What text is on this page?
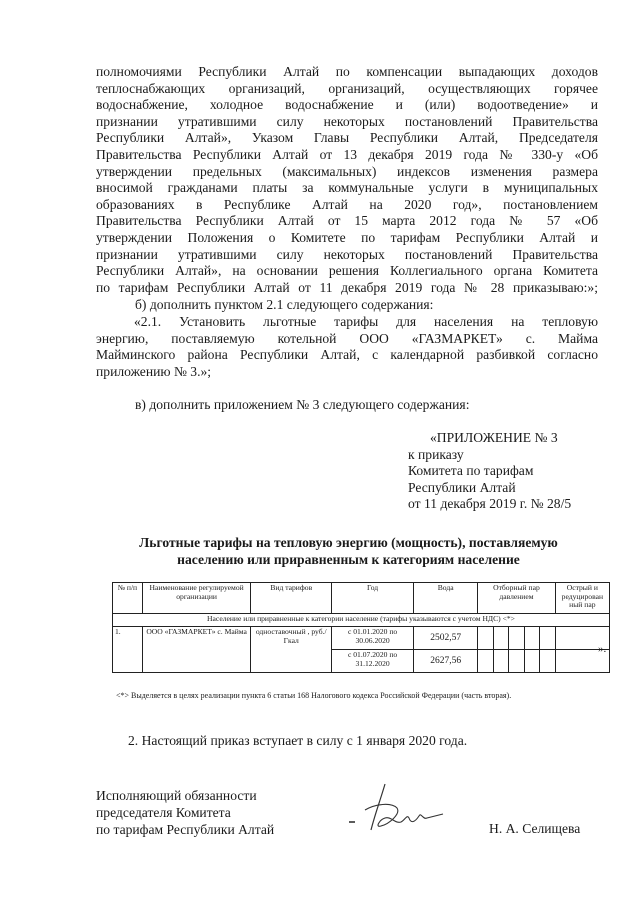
полномочиями Республики Алтай по компенсации выпадающих доходов
теплоснабжающих организаций, организаций, осуществляющих горячее
водоснабжение, холодное водоснабжение и (или) водоотведение» и
признании утратившими силу некоторых постановлений Правительства
Республики Алтай», Указом Главы Республики Алтай, Председателя
Правительства Республики Алтай от 13 декабря 2019 года № 330-у «Об
утверждении предельных (максимальных) индексов изменения размера
вносимой гражданами платы за коммунальные услуги в муниципальных
образованиях в Республике Алтай на 2020 год», постановлением
Правительства Республики Алтай от 15 марта 2012 года № 57 «Об
утверждении Положения о Комитете по тарифам Республики Алтай и
признании утратившими силу некоторых постановлений Правительства
Республики Алтай», на основании решения Коллегиального органа Комитета
по тарифам Республики Алтай от 11 декабря 2019 года № 28 приказываю:»;
б) дополнить пунктом 2.1 следующего содержания:
«2.1. Установить льготные тарифы для населения на тепловую
энергию, поставляемую котельной ООО «ГАЗМАРКЕТ» с. Майма
Майминского района Республики Алтай, с календарной разбивкой согласно
приложению № 3.»;
в) дополнить приложением № 3 следующего содержания:
«ПРИЛОЖЕНИЕ № 3
к приказу
Комитета по тарифам
Республики Алтай
от 11 декабря 2019 г. № 28/5
Льготные тарифы на тепловую энергию (мощность), поставляемую
населению или приравненным к категориям население
№ п/п	Наименование регулируемой организации	Вид тарифов	Год	Вода	Отборный пар давлением					Острый и редуцирован ный пар
Население или приравненные к категории население (тарифы указываются с учетом НДС) <*>										
1.	ООО «ГАЗМАРКЕТ» с. Майма	одноставочный , руб./Гкал	с 01.01.2020 по 30.06.2020	2502,57						
			с 01.07.2020 по 31.12.2020	2627,56						
».
<*> Выделяется в целях реализации пункта 6 статьи 168 Налогового кодекса Российской Федерации (часть вторая).
2. Настоящий приказ вступает в силу с 1 января 2020 года.
Исполняющий обязанности
председателя Комитета
по тарифам Республики Алтай	Н. А. Селищева
